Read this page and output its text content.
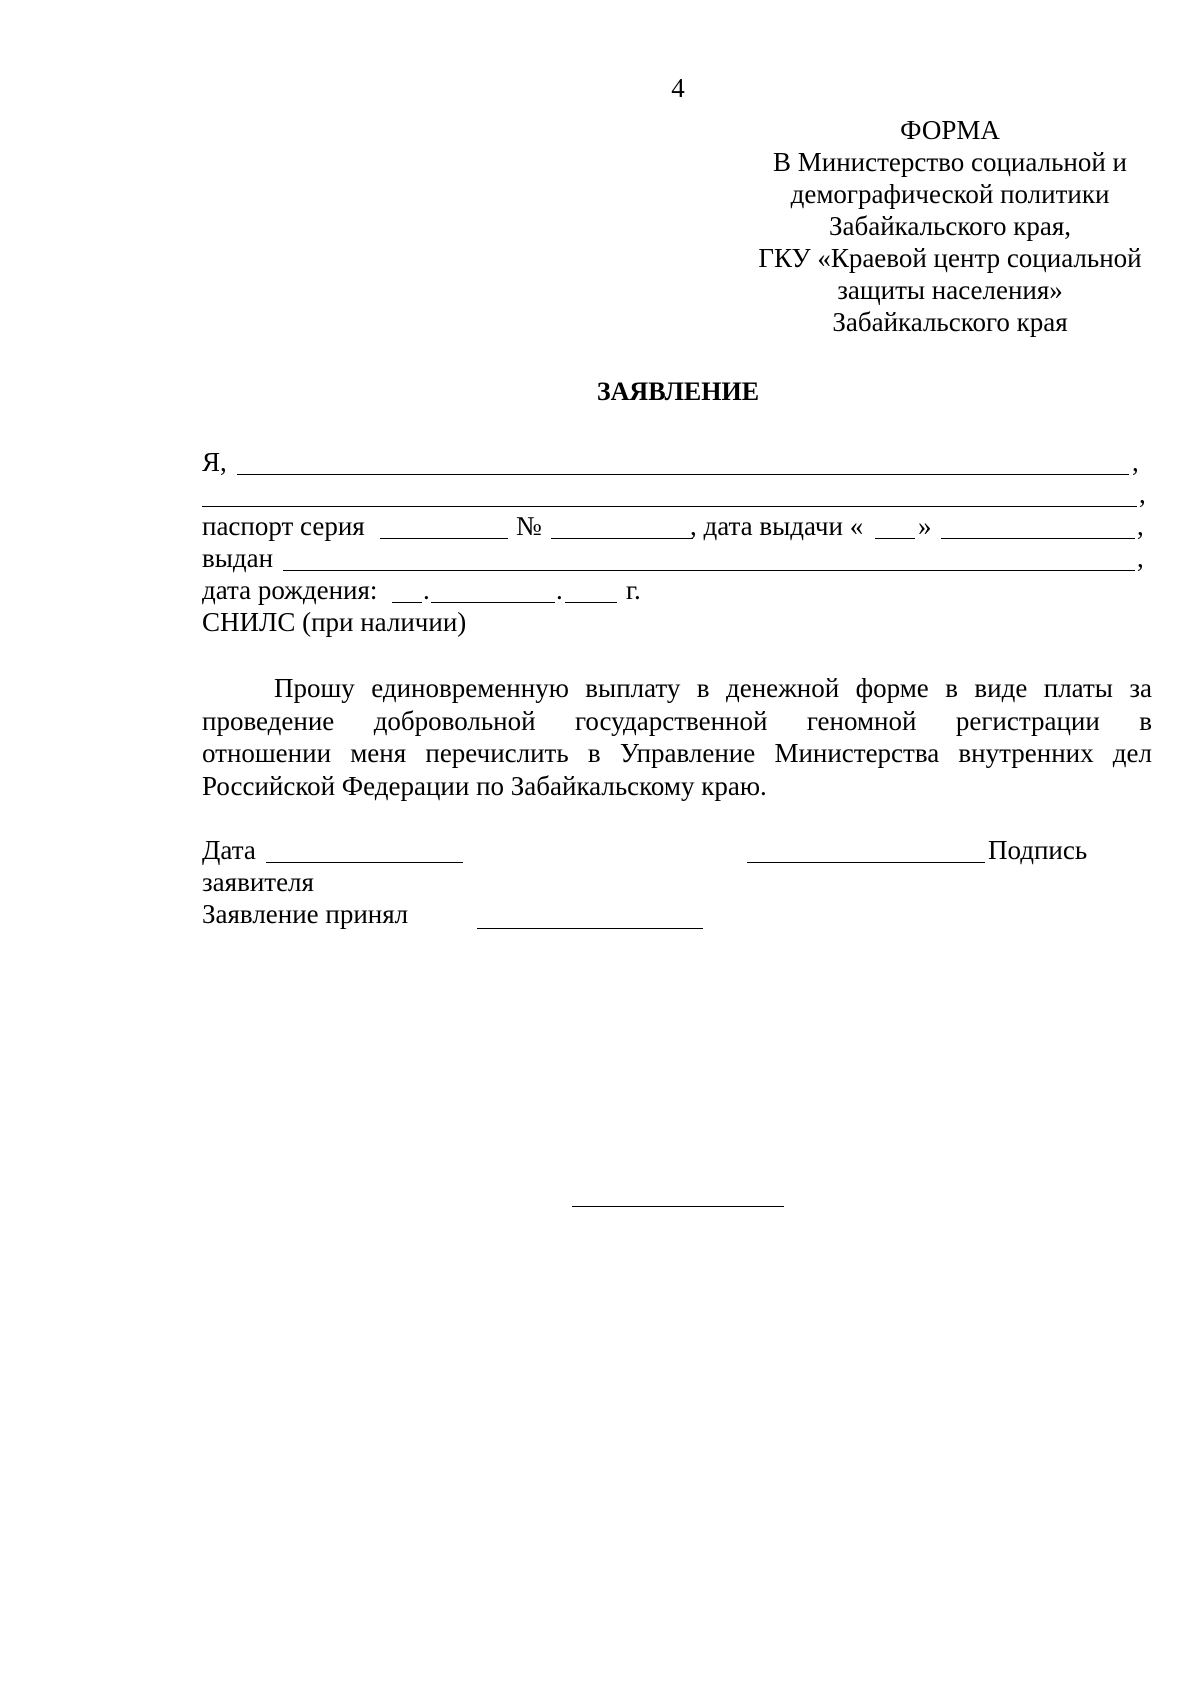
4
ФОРМА
В Министерство социальной и
демографической политики
Забайкальского края,
ГКУ «Краевой центр социальной
защиты населения»
Забайкальского края
ЗАЯВЛЕНИЕ
Я,	,
,
паспорт серия	№	, дата выдачи « »	,
выдан	,
дата рождения: .	. г.
СНИЛС (при наличии)
Прошу единовременную выплату в денежной форме в виде платы за
проведение добровольной государственной геномной регистрации в
отношении меня перечислить в Управление Министерства внутренних дел
Российской Федерации по Забайкальскому краю.
Дата	Подпись
заявителя
Заявление принял
